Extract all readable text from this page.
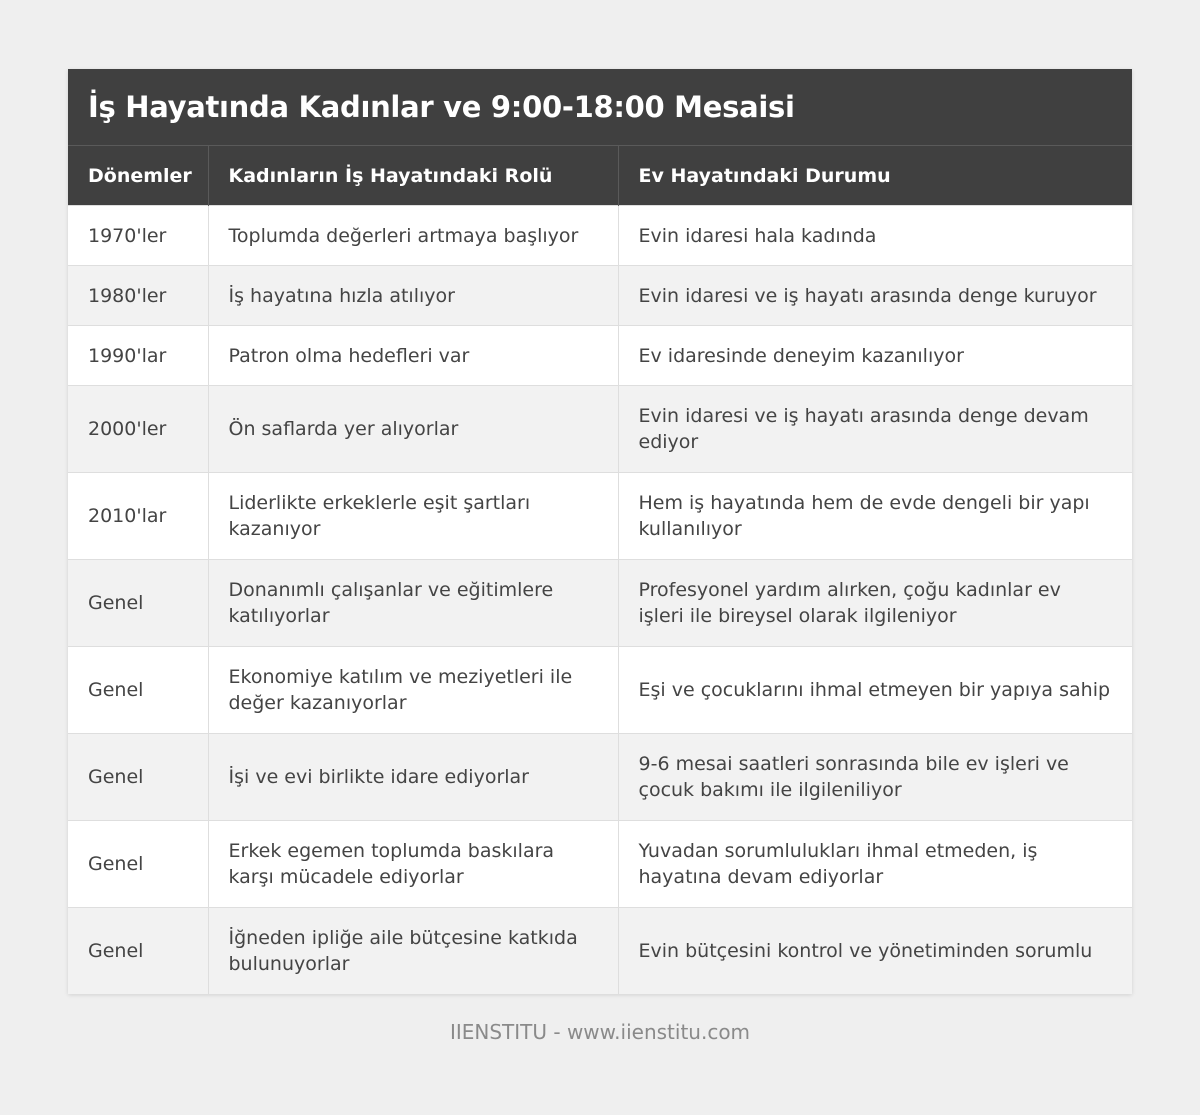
İş Hayatında Kadınlar ve 9:00-18:00 Mesaisi
Dönemler	Kadınların İş Hayatındaki Rolü	Ev Hayatındaki Durumu
1970'ler	Toplumda değerleri artmaya başlıyor	Evin idaresi hala kadında
1980'ler	İş hayatına hızla atılıyor	Evin idaresi ve iş hayatı arasında denge kuruyor
1990'lar	Patron olma hedefleri var	Ev idaresinde deneyim kazanılıyor
2000'ler	Ön saflarda yer alıyorlar	Evin idaresi ve iş hayatı arasında denge devam ediyor
2010'lar	Liderlikte erkeklerle eşit şartları kazanıyor	Hem iş hayatında hem de evde dengeli bir yapı kullanılıyor
Genel	Donanımlı çalışanlar ve eğitimlere katılıyorlar	Profesyonel yardım alırken, çoğu kadınlar ev işleri ile bireysel olarak ilgileniyor
Genel	Ekonomiye katılım ve meziyetleri ile değer kazanıyorlar	Eşi ve çocuklarını ihmal etmeyen bir yapıya sahip
Genel	İşi ve evi birlikte idare ediyorlar	9-6 mesai saatleri sonrasında bile ev işleri ve çocuk bakımı ile ilgileniliyor
Genel	Erkek egemen toplumda baskılara karşı mücadele ediyorlar	Yuvadan sorumlulukları ihmal etmeden, iş hayatına devam ediyorlar
Genel	İğneden ipliğe aile bütçesine katkıda bulunuyorlar	Evin bütçesini kontrol ve yönetiminden sorumlu
IIENSTITU - www.iienstitu.com
